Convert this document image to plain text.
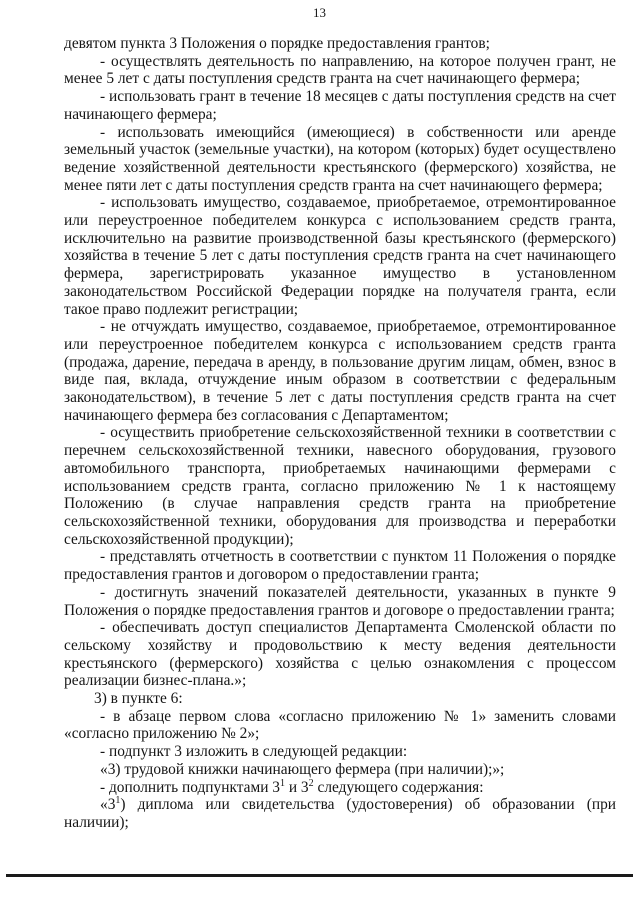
13

девятом пункта 3 Положения о порядке предоставления грантов;

- осуществлять деятельность по направлению, на которое получен грант, не менее 5 лет с даты поступления средств гранта на счет начинающего фермера;

- использовать грант в течение 18 месяцев с даты поступления средств на счет начинающего фермера;

- использовать имеющийся (имеющиеся) в собственности или аренде земельный участок (земельные участки), на котором (которых) будет осуществлено ведение хозяйственной деятельности крестьянского (фермерского) хозяйства, не менее пяти лет с даты поступления средств гранта на счет начинающего фермера;

- использовать имущество, создаваемое, приобретаемое, отремонтированное или переустроенное победителем конкурса с использованием средств гранта, исключительно на развитие производственной базы крестьянского (фермерского) хозяйства в течение 5 лет с даты поступления средств гранта на счет начинающего фермера, зарегистрировать указанное имущество в установленном законодательством Российской Федерации порядке на получателя гранта, если такое право подлежит регистрации;

- не отчуждать имущество, создаваемое, приобретаемое, отремонтированное или переустроенное победителем конкурса с использованием средств гранта (продажа, дарение, передача в аренду, в пользование другим лицам, обмен, взнос в виде пая, вклада, отчуждение иным образом в соответствии с федеральным законодательством), в течение 5 лет с даты поступления средств гранта на счет начинающего фермера без согласования с Департаментом;

- осуществить приобретение сельскохозяйственной техники в соответствии с перечнем сельскохозяйственной техники, навесного оборудования, грузового автомобильного транспорта, приобретаемых начинающими фермерами с использованием средств гранта, согласно приложению № 1 к настоящему Положению (в случае направления средств гранта на приобретение сельскохозяйственной техники, оборудования для производства и переработки сельскохозяйственной продукции);

- представлять отчетность в соответствии с пунктом 11 Положения о порядке предоставления грантов и договором о предоставлении гранта;

- достигнуть значений показателей деятельности, указанных в пункте 9 Положения о порядке предоставления грантов и договоре о предоставлении гранта;

- обеспечивать доступ специалистов Департамента Смоленской области по сельскому хозяйству и продовольствию к месту ведения деятельности крестьянского (фермерского) хозяйства с целью ознакомления с процессом реализации бизнес-плана.»;

3) в пункте 6:

- в абзаце первом слова «согласно приложению № 1» заменить словами «согласно приложению № 2»;

- подпункт 3 изложить в следующей редакции:

«3) трудовой книжки начинающего фермера (при наличии);»;

- дополнить подпунктами $3^1$ и $3^2$ следующего содержания:

«$3^1$) диплома или свидетельства (удостоверения) об образовании (при наличии);
